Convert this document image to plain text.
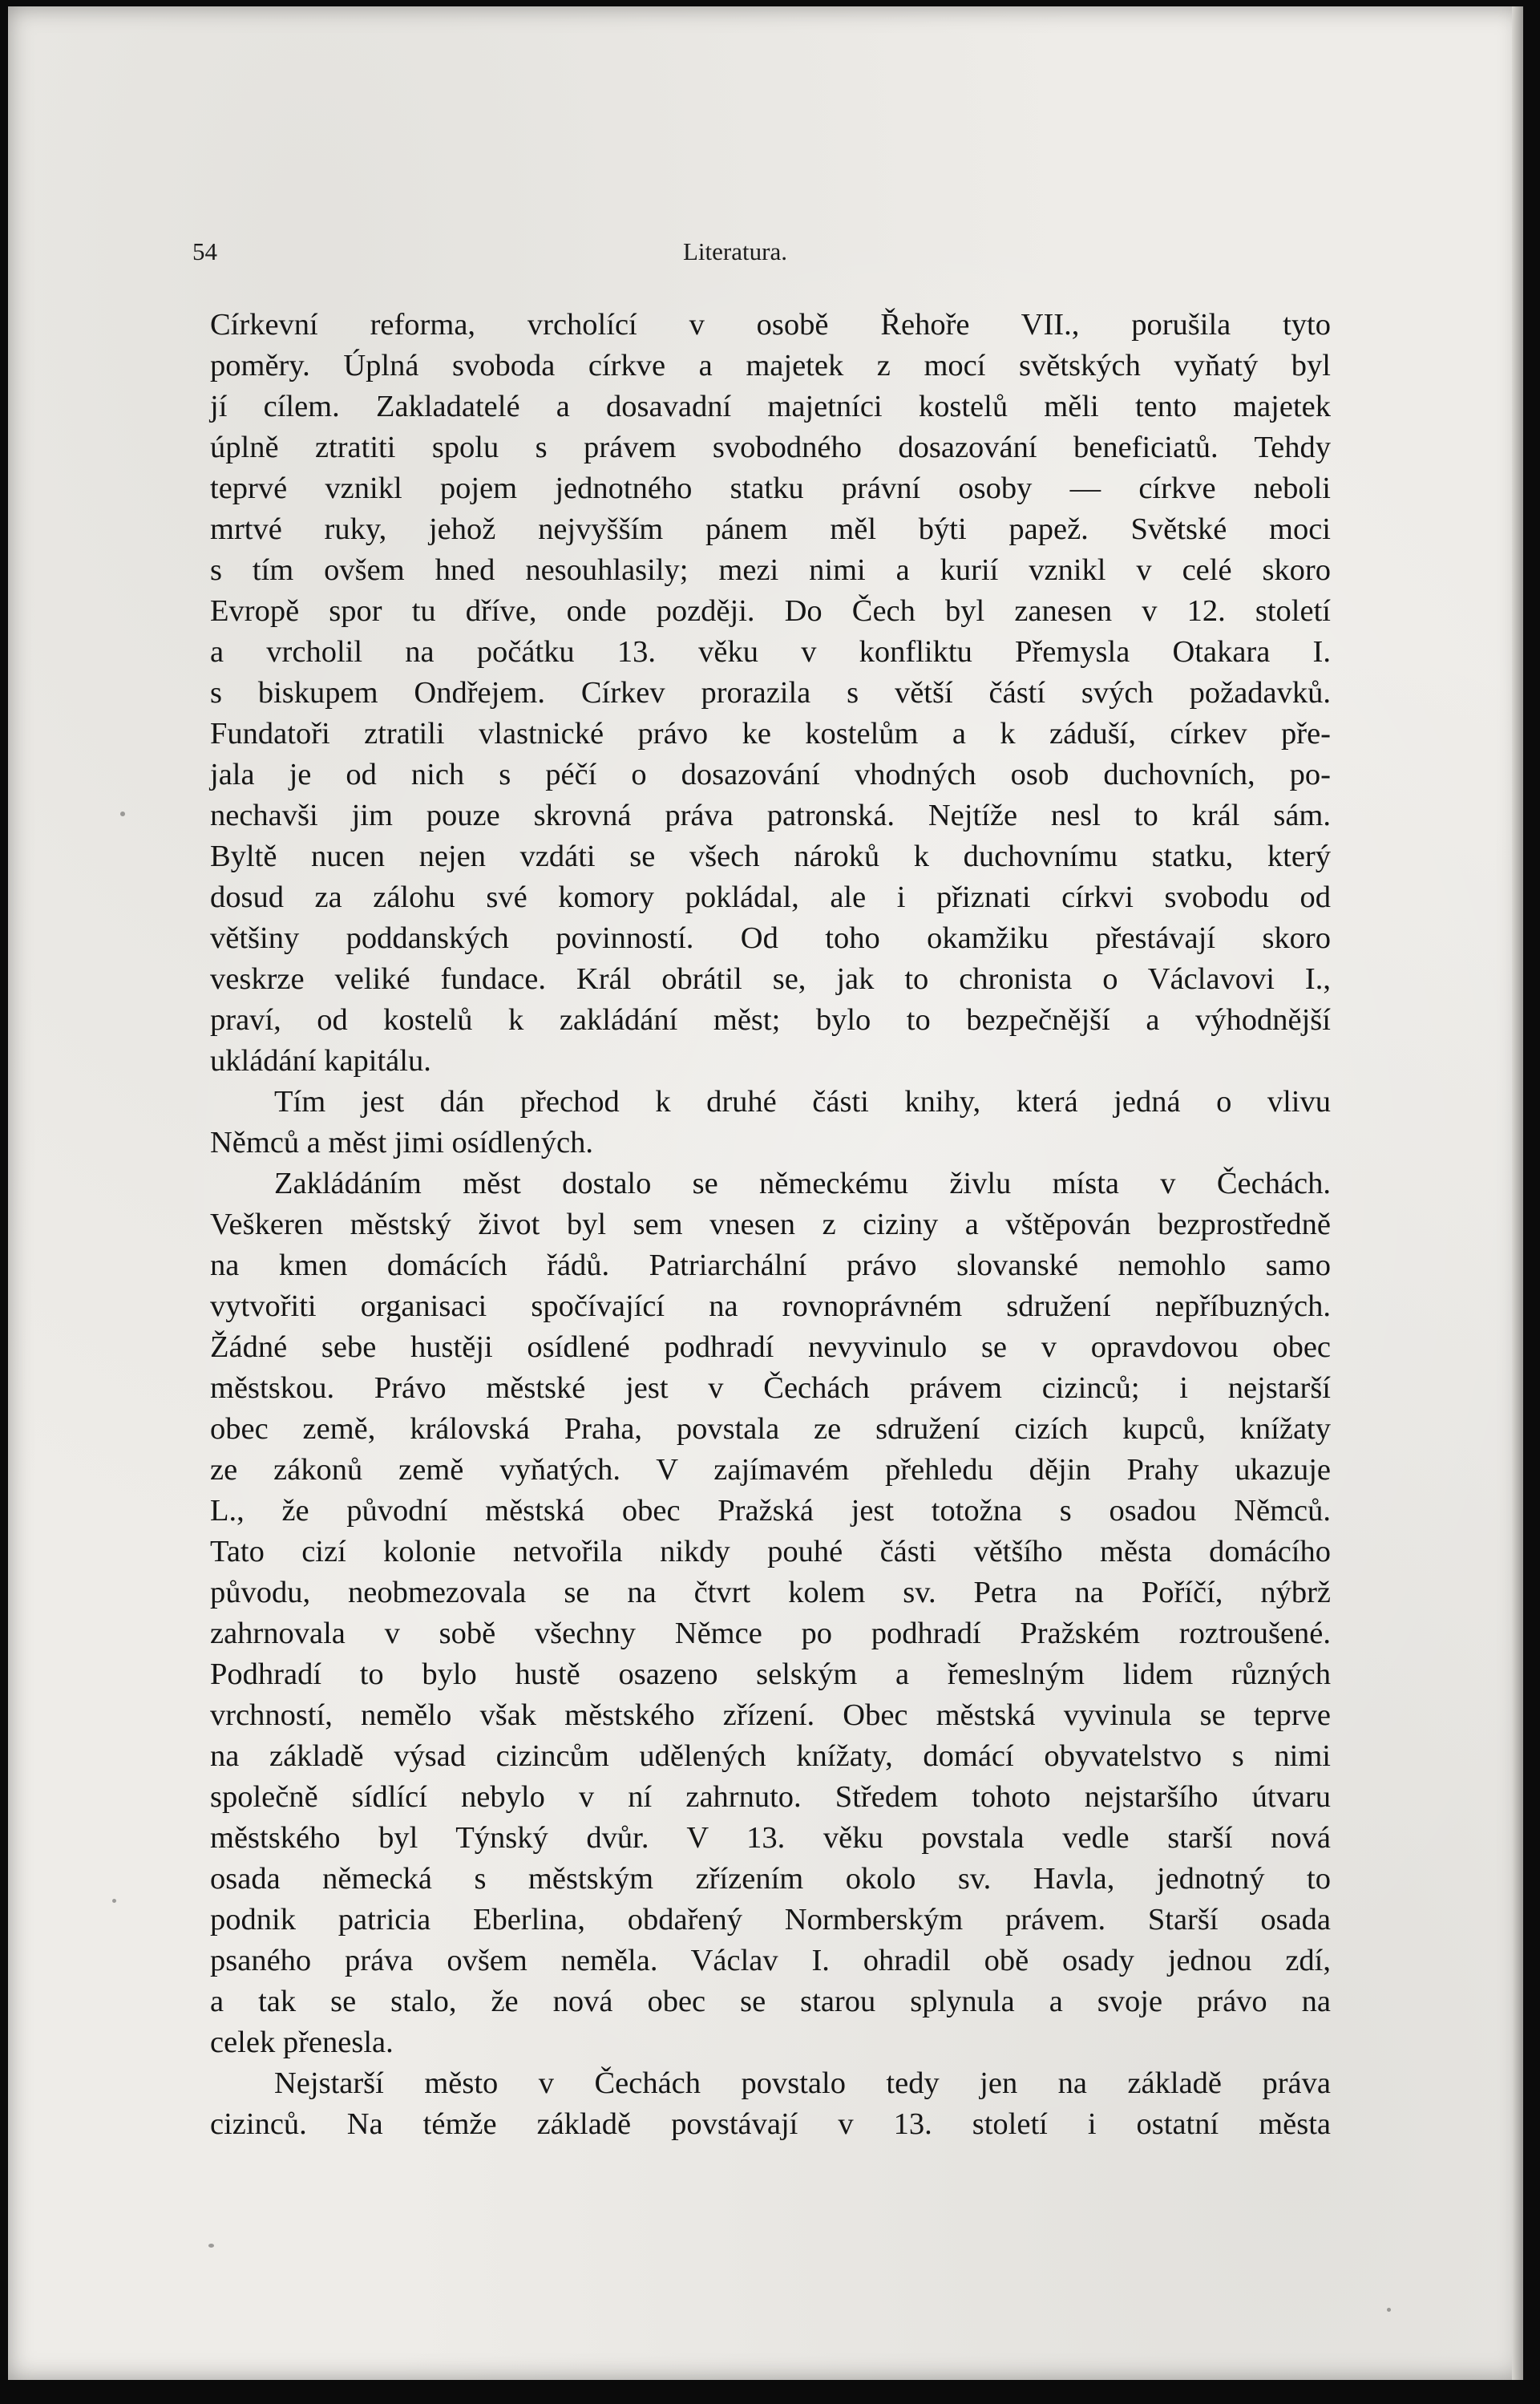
54	Literatura.
Církevní reforma, vrcholící v osobě Řehoře VII., porušila tyto
poměry. Úplná svoboda církve a majetek z mocí světských vyňatý byl
jí cílem. Zakladatelé a dosavadní majetníci kostelů měli tento majetek
úplně ztratiti spolu s právem svobodného dosazování beneficiatů. Tehdy
teprvé vznikl pojem jednotného statku právní osoby — církve neboli
mrtvé ruky, jehož nejvyšším pánem měl býti papež. Světské moci
s tím ovšem hned nesouhlasily; mezi nimi a kurií vznikl v celé skoro
Evropě spor tu dříve, onde později. Do Čech byl zanesen v 12. století
a vrcholil na počátku 13. věku v konfliktu Přemysla Otakara I.
s biskupem Ondřejem. Církev prorazila s větší částí svých požadavků.
Fundatoři ztratili vlastnické právo ke kostelům a k záduší, církev pře-
jala je od nich s péčí o dosazování vhodných osob duchovních, po-
nechavši jim pouze skrovná práva patronská. Nejtíže nesl to král sám.
Byltě nucen nejen vzdáti se všech nároků k duchovnímu statku, který
dosud za zálohu své komory pokládal, ale i přiznati církvi svobodu od
většiny poddanských povinností. Od toho okamžiku přestávají skoro
veskrze veliké fundace. Král obrátil se, jak to chronista o Václavovi I.,
praví, od kostelů k zakládání měst; bylo to bezpečnější a výhodnější
ukládání kapitálu.
Tím jest dán přechod k druhé části knihy, která jedná o vlivu
Němců a měst jimi osídlených.
Zakládáním měst dostalo se německému živlu místa v Čechách.
Veškeren městský život byl sem vnesen z ciziny a vštěpován bezprostředně
na kmen domácích řádů. Patriarchální právo slovanské nemohlo samo
vytvořiti organisaci spočívající na rovnoprávném sdružení nepříbuzných.
Žádné sebe hustěji osídlené podhradí nevyvinulo se v opravdovou obec
městskou. Právo městské jest v Čechách právem cizinců; i nejstarší
obec země, královská Praha, povstala ze sdružení cizích kupců, knížaty
ze zákonů země vyňatých. V zajímavém přehledu dějin Prahy ukazuje
L., že původní městská obec Pražská jest totožna s osadou Němců.
Tato cizí kolonie netvořila nikdy pouhé části většího města domácího
původu, neobmezovala se na čtvrt kolem sv. Petra na Poříčí, nýbrž
zahrnovala v sobě všechny Němce po podhradí Pražském roztroušené.
Podhradí to bylo hustě osazeno selským a řemeslným lidem různých
vrchností, nemělo však městského zřízení. Obec městská vyvinula se teprve
na základě výsad cizincům udělených knížaty, domácí obyvatelstvo s nimi
společně sídlící nebylo v ní zahrnuto. Středem tohoto nejstaršího útvaru
městského byl Týnský dvůr. V 13. věku povstala vedle starší nová
osada německá s městským zřízením okolo sv. Havla, jednotný to
podnik patricia Eberlina, obdařený Normberským právem. Starší osada
psaného práva ovšem neměla. Václav I. ohradil obě osady jednou zdí,
a tak se stalo, že nová obec se starou splynula a svoje právo na
celek přenesla.
Nejstarší město v Čechách povstalo tedy jen na základě práva
cizinců. Na témže základě povstávají v 13. století i ostatní města
